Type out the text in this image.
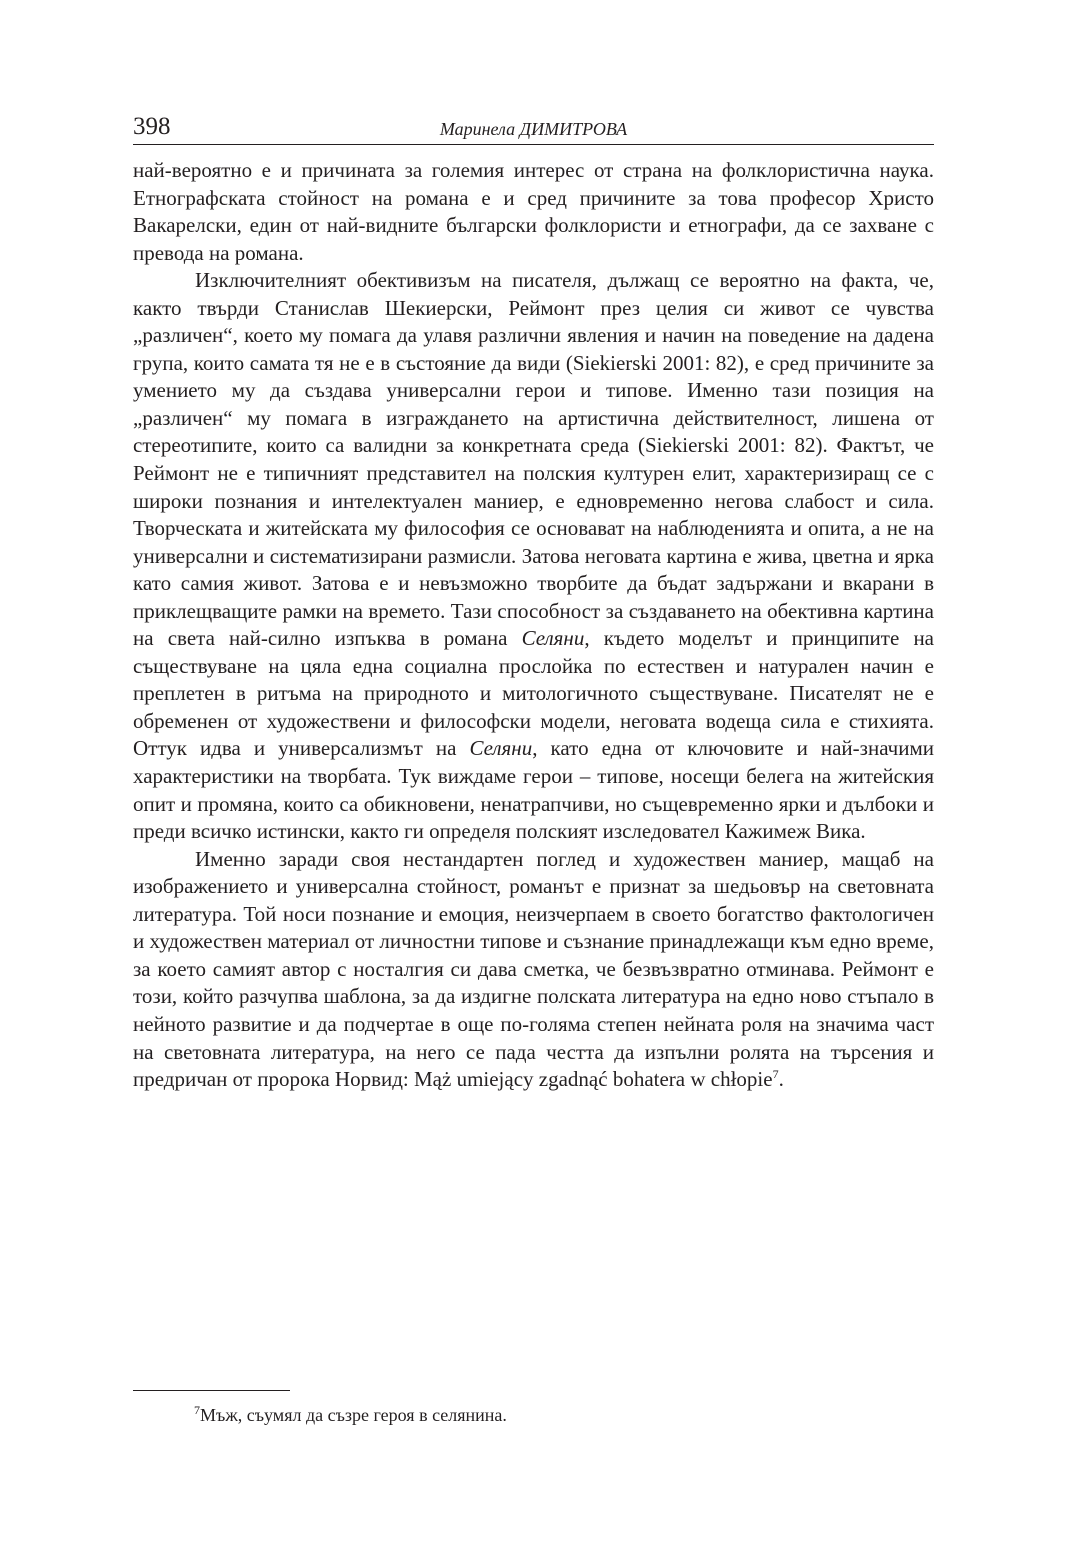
398	Маринела ДИМИТРОВА

най-вероятно е и причината за големия интерес от страна на фолклористична наука. Етнографската стойност на романа е и сред причините за това професор Христо Вакарелски, един от най-видните български фолклористи и етнографи, да се захване с превода на романа.

Изключителният обективизъм на писателя, дължащ се вероятно на факта, че, както твърди Станислав Шекиерски, Реймонт през целия си живот се чувства „различен“, което му помага да улавя различни явления и начин на поведение на дадена група, които самата тя не е в състояние да види (Siekierski 2001: 82), е сред причините за умението му да създава универсални герои и типове. Именно тази позиция на „различен“ му помага в изграждането на артистична действителност, лишена от стереотипите, които са валидни за конкретната среда (Siekierski 2001: 82). Фактът, че Реймонт не е типичният представител на полския културен елит, характеризиращ се с широки познания и интелектуален маниер, е едновременно негова слабост и сила. Творческата и житейската му философия се основават на наблюденията и опита, а не на универсални и систематизирани размисли. Затова неговата картина е жива, цветна и ярка като самия живот. Затова е и невъзможно творбите да бъдат задържани и вкарани в приклещващите рамки на времето. Тази способност за създаването на обективна картина на света най-силно изпъква в романа Селяни, където моделът и принципите на съществуване на цяла една социална прослойка по естествен и натурален начин е преплетен в ритъма на природното и митологичното съществуване. Писателят не е обременен от художествени и философски модели, неговата водеща сила е стихията. Оттук идва и универсализмът на Селяни, като една от ключовите и най-значими характеристики на творбата. Тук виждаме герои – типове, носещи белега на житейския опит и промяна, които са обикновени, ненатрапчиви, но същевременно ярки и дълбоки и преди всичко истински, както ги определя полският изследовател Кажимеж Вика.

Именно заради своя нестандартен поглед и художествен маниер, мащаб на изображението и универсална стойност, романът е признат за шедьовър на световната литература. Той носи познание и емоция, неизчерпаем в своето богатство фактологичен и художествен материал от личностни типове и съзнание принадлежащи към едно време, за което самият автор с носталгия си дава сметка, че безвъзвратно отминава. Реймонт е този, който разчупва шаблона, за да издигне полската литература на едно ново стъпало в нейното развитие и да подчертае в още по-голяма степен нейната роля на значима част на световната литература, на него се пада честта да изпълни ролята на търсения и предричан от пророка Норвид: Mąż umiejący zgadnąć bohatera w chłopie$^7$.

$^7$Мъж, съумял да съзре героя в селянина.
